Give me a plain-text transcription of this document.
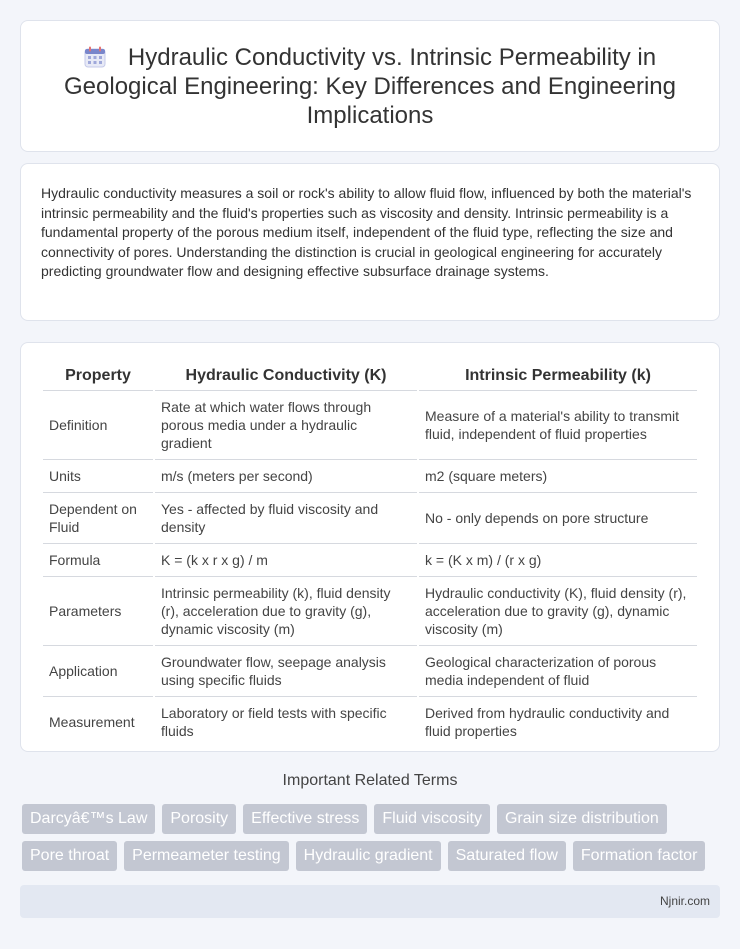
Hydraulic Conductivity vs. Intrinsic Permeability in Geological Engineering: Key Differences and Engineering Implications

Hydraulic conductivity measures a soil or rock's ability to allow fluid flow, influenced by both the material's intrinsic permeability and the fluid's properties such as viscosity and density. Intrinsic permeability is a fundamental property of the porous medium itself, independent of the fluid type, reflecting the size and connectivity of pores. Understanding the distinction is crucial in geological engineering for accurately predicting groundwater flow and designing effective subsurface drainage systems.

Property	Hydraulic Conductivity (K)	Intrinsic Permeability (k)
Definition	Rate at which water flows through porous media under a hydraulic gradient	Measure of a material's ability to transmit fluid, independent of fluid properties
Units	m/s (meters per second)	m2 (square meters)
Dependent on Fluid	Yes - affected by fluid viscosity and density	No - only depends on pore structure
Formula	K = (k x r x g) / m	k = (K x m) / (r x g)
Parameters	Intrinsic permeability (k), fluid density (r), acceleration due to gravity (g), dynamic viscosity (m)	Hydraulic conductivity (K), fluid density (r), acceleration due to gravity (g), dynamic viscosity (m)
Application	Groundwater flow, seepage analysis using specific fluids	Geological characterization of porous media independent of fluid
Measurement	Laboratory or field tests with specific fluids	Derived from hydraulic conductivity and fluid properties
Important Related Terms
Darcyâ€™s Law	Porosity	Effective stress	Fluid viscosity	Grain size distribution
Pore throat	Permeameter testing	Hydraulic gradient	Saturated flow	Formation factor
Njnir.com
